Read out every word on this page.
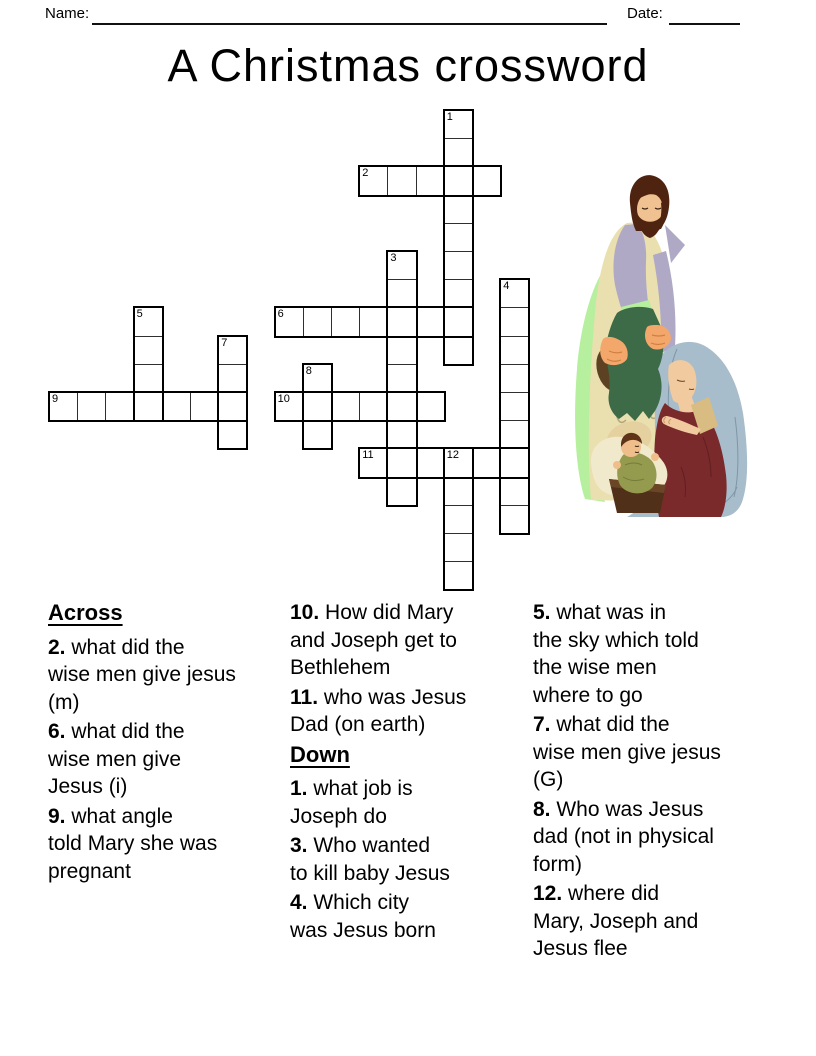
Name:	Date:
A Christmas crossword
1
2
3
4
5	6
7
8
9	10
11	12

Across

2. what did the
wise men give jesus
(m)

6. what did the
wise men give
Jesus (i)

9. what angle
told Mary she was
pregnant

10. How did Mary
and Joseph get to
Bethlehem

11. who was Jesus
Dad (on earth)

Down

1. what job is
Joseph do

3. Who wanted
to kill baby Jesus

4. Which city
was Jesus born

5. what was in
the sky which told
the wise men
where to go

7. what did the
wise men give jesus
(G)

8. Who was Jesus
dad (not in physical
form)

12. where did
Mary, Joseph and
Jesus flee
